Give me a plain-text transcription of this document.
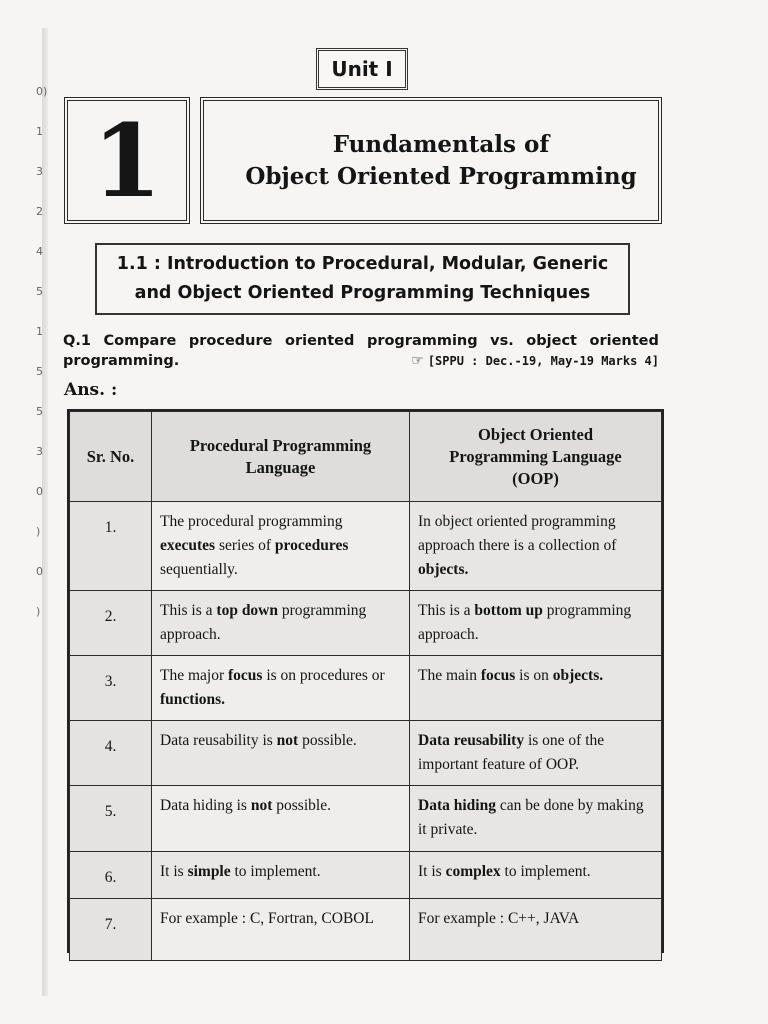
0)
1
3
2
4
5
1
5
5
3
0
)
0
)
Unit I
1	Fundamentals of
Object Oriented Programming
1.1 : Introduction to Procedural, Modular, Generic
and Object Oriented Programming Techniques
Q.1 Compare procedure oriented programming vs. object oriented
programming.	☞ [SPPU : Dec.-19, May-19 Marks 4]
Ans. :
Sr. No.	Procedural Programming Language	Object Oriented Programming Language (OOP)
1.	The procedural programming executes series of procedures sequentially.	In object oriented programming approach there is a collection of objects.
2.	This is a top down programming approach.	This is a bottom up programming approach.
3.	The major focus is on procedures or functions.	The main focus is on objects.
4.	Data reusability is not possible.	Data reusability is one of the important feature of OOP.
5.	Data hiding is not possible.	Data hiding can be done by making it private.
6.	It is simple to implement.	It is complex to implement.
7.	For example : C, Fortran, COBOL	For example : C++, JAVA
